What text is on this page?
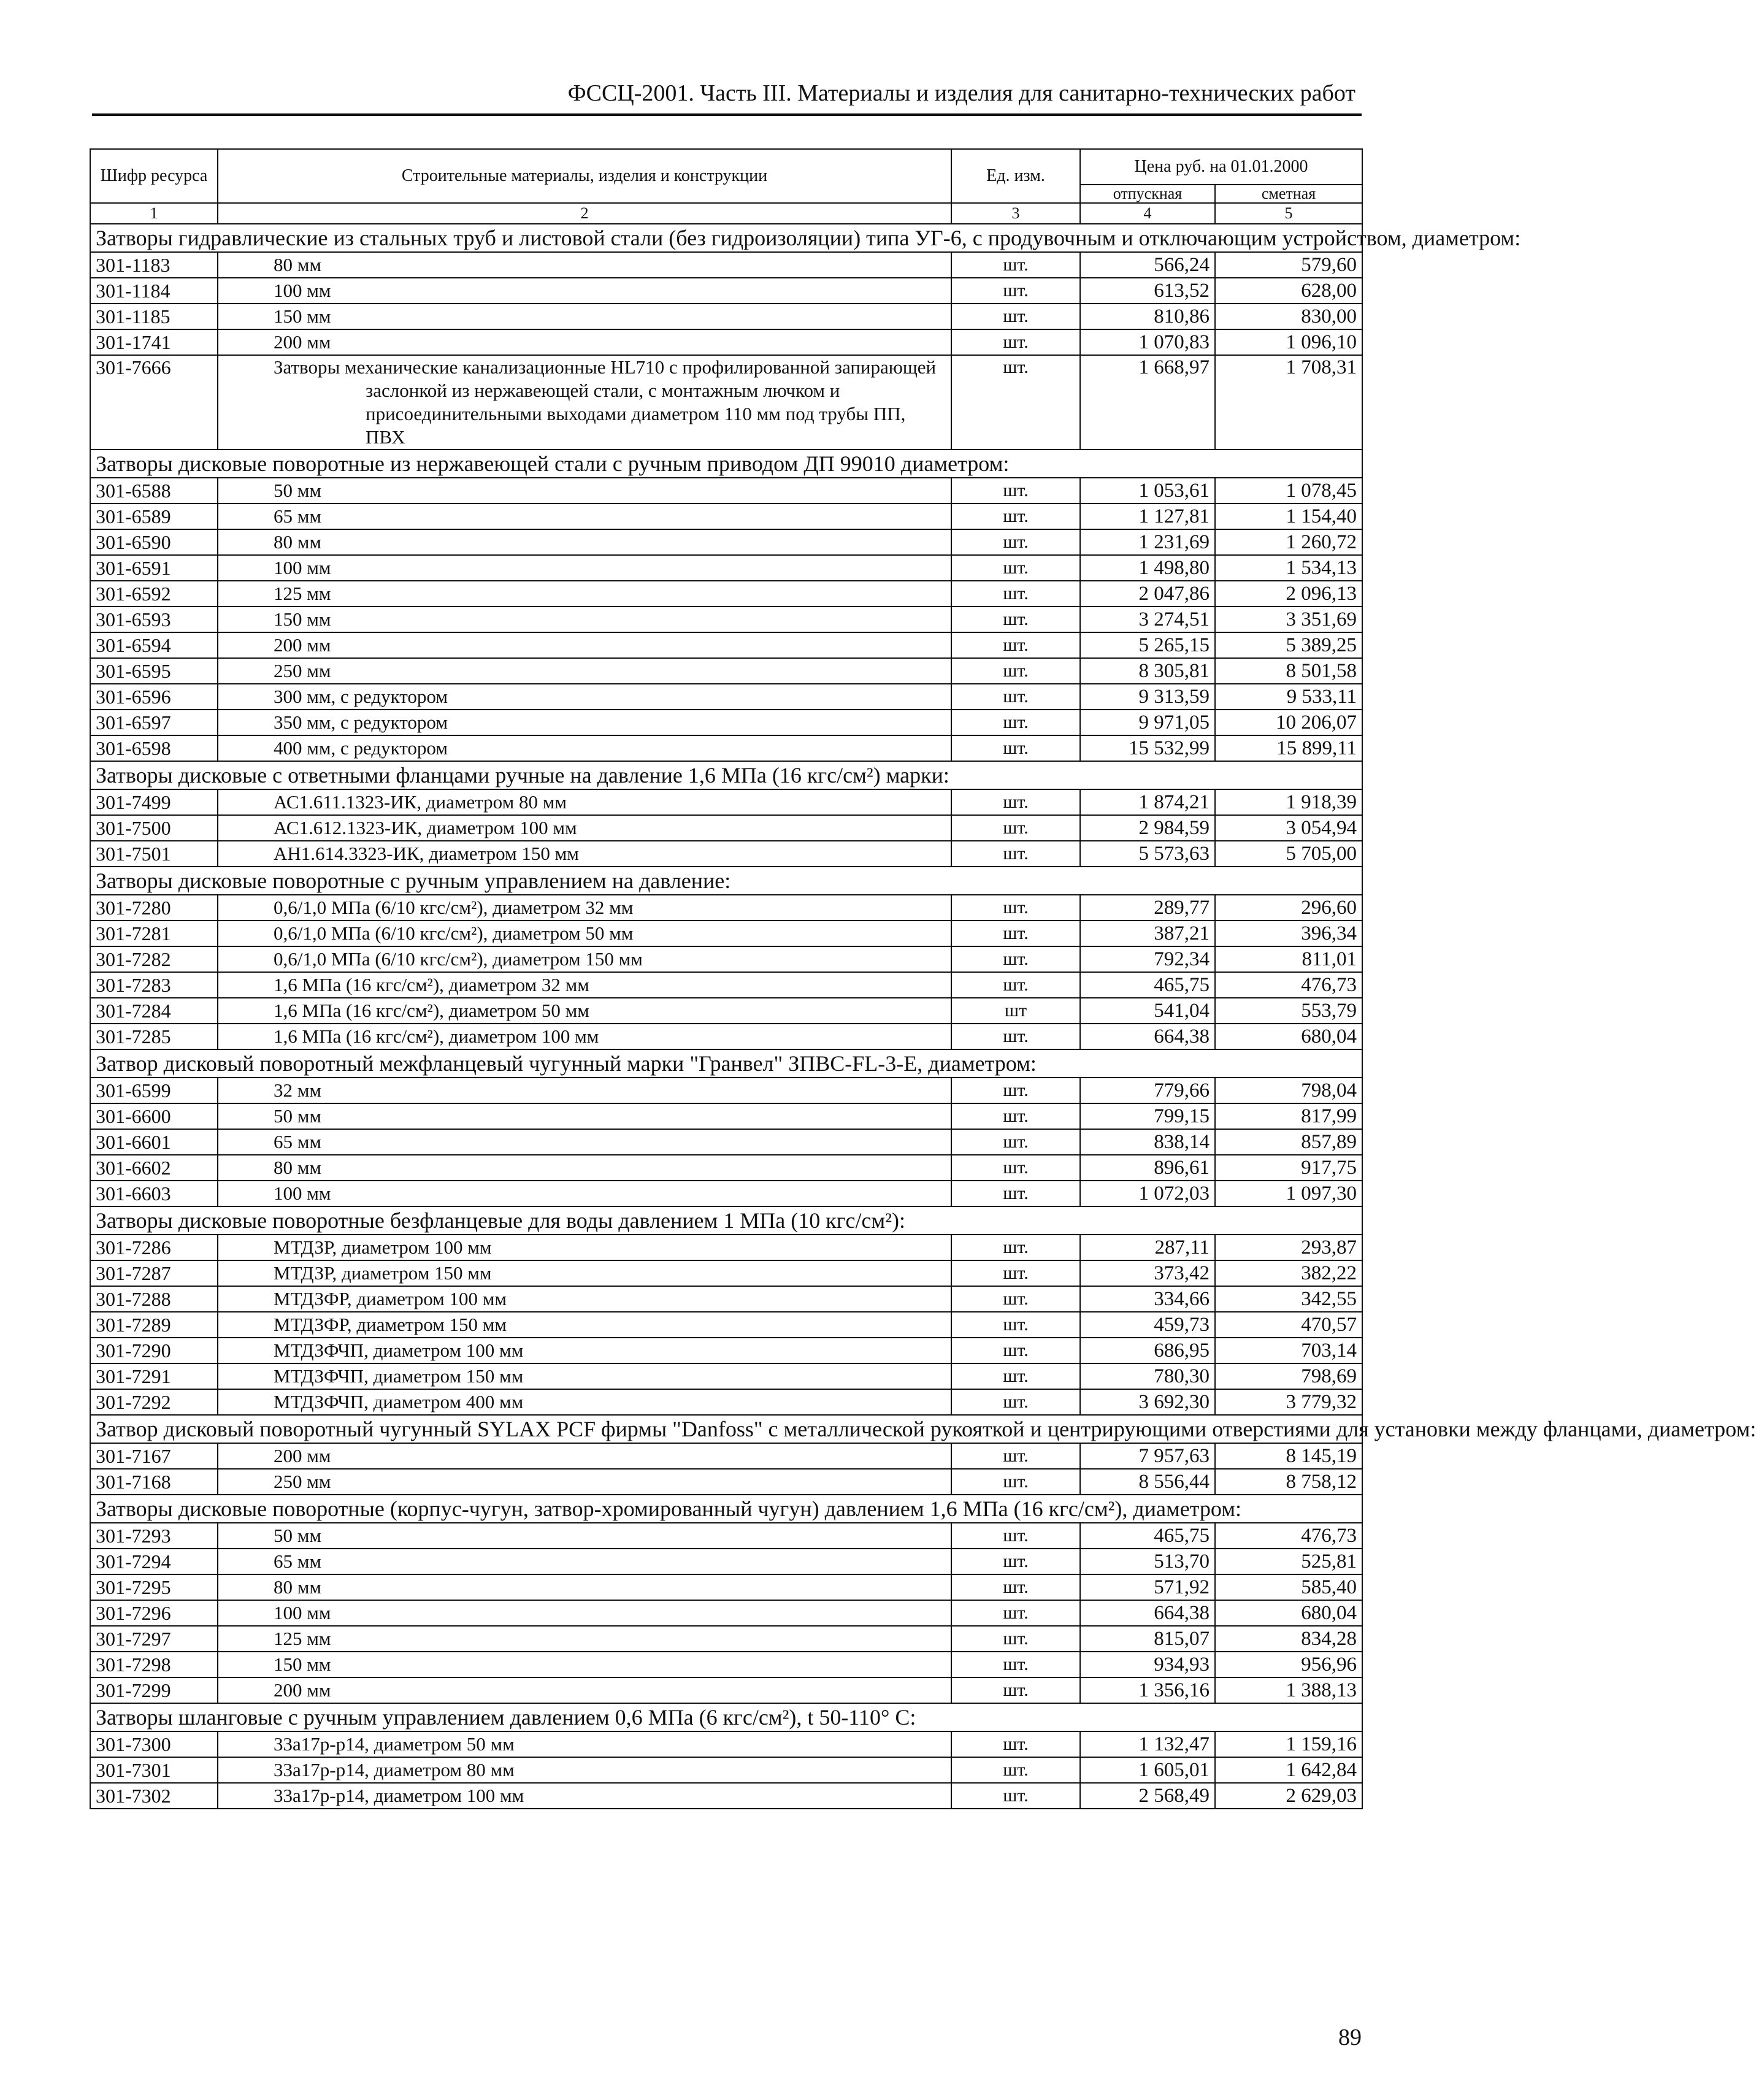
ФССЦ-2001. Часть III. Материалы и изделия для санитарно-технических работ
Шифр ресурса	Строительные материалы, изделия и конструкции	Ед. изм.	Цена руб. на 01.01.2000	
			отпускная	сметная
1	2	3	4	5
Затворы гидравлические из стальных труб и листовой стали (без гидроизоляции) типа УГ-6, с продувочным и отключающим устройством, диаметром:				
301-1183	80 мм	шт.	566,24	579,60
301-1184	100 мм	шт.	613,52	628,00
301-1185	150 мм	шт.	810,86	830,00
301-1741	200 мм	шт.	1 070,83	1 096,10
301-7666	Затворы механические канализационные HL710 с профилированной запирающей заслонкой из нержавеющей стали, с монтажным лючком и присоединительными выходами диаметром 110 мм под трубы ПП, ПВХ	шт.	1 668,97	1 708,31
Затворы дисковые поворотные из нержавеющей стали с ручным приводом ДП 99010 диаметром:				
301-6588	50 мм	шт.	1 053,61	1 078,45
301-6589	65 мм	шт.	1 127,81	1 154,40
301-6590	80 мм	шт.	1 231,69	1 260,72
301-6591	100 мм	шт.	1 498,80	1 534,13
301-6592	125 мм	шт.	2 047,86	2 096,13
301-6593	150 мм	шт.	3 274,51	3 351,69
301-6594	200 мм	шт.	5 265,15	5 389,25
301-6595	250 мм	шт.	8 305,81	8 501,58
301-6596	300 мм, с редуктором	шт.	9 313,59	9 533,11
301-6597	350 мм, с редуктором	шт.	9 971,05	10 206,07
301-6598	400 мм, с редуктором	шт.	15 532,99	15 899,11
Затворы дисковые с ответными фланцами ручные на давление 1,6 МПа (16 кгс/см²) марки:				
301-7499	АС1.611.1323-ИК, диаметром 80 мм	шт.	1 874,21	1 918,39
301-7500	АС1.612.1323-ИК, диаметром 100 мм	шт.	2 984,59	3 054,94
301-7501	АН1.614.3323-ИК, диаметром 150 мм	шт.	5 573,63	5 705,00
Затворы дисковые поворотные с ручным управлением на давление:				
301-7280	0,6/1,0 МПа (6/10 кгс/см²), диаметром 32 мм	шт.	289,77	296,60
301-7281	0,6/1,0 МПа (6/10 кгс/см²), диаметром 50 мм	шт.	387,21	396,34
301-7282	0,6/1,0 МПа (6/10 кгс/см²), диаметром 150 мм	шт.	792,34	811,01
301-7283	1,6 МПа (16 кгс/см²), диаметром 32 мм	шт.	465,75	476,73
301-7284	1,6 МПа (16 кгс/см²), диаметром 50 мм	шт	541,04	553,79
301-7285	1,6 МПа (16 кгс/см²), диаметром 100 мм	шт.	664,38	680,04
Затвор дисковый поворотный межфланцевый чугунный марки "Гранвел" ЗПВС-FL-3-Е, диаметром:				
301-6599	32 мм	шт.	779,66	798,04
301-6600	50 мм	шт.	799,15	817,99
301-6601	65 мм	шт.	838,14	857,89
301-6602	80 мм	шт.	896,61	917,75
301-6603	100 мм	шт.	1 072,03	1 097,30
Затворы дисковые поворотные безфланцевые для воды давлением 1 МПа (10 кгс/см²):				
301-7286	МТДЗР, диаметром 100 мм	шт.	287,11	293,87
301-7287	МТДЗР, диаметром 150 мм	шт.	373,42	382,22
301-7288	МТДЗФР, диаметром 100 мм	шт.	334,66	342,55
301-7289	МТДЗФР, диаметром 150 мм	шт.	459,73	470,57
301-7290	МТДЗФЧП, диаметром 100 мм	шт.	686,95	703,14
301-7291	МТДЗФЧП, диаметром 150 мм	шт.	780,30	798,69
301-7292	МТДЗФЧП, диаметром 400 мм	шт.	3 692,30	3 779,32
Затвор дисковый поворотный чугунный SYLAX PCF фирмы "Danfoss" с металлической рукояткой и центрирующими отверстиями для установки между фланцами, диаметром:				
301-7167	200 мм	шт.	7 957,63	8 145,19
301-7168	250 мм	шт.	8 556,44	8 758,12
Затворы дисковые поворотные (корпус-чугун, затвор-хромированный чугун) давлением 1,6 МПа (16 кгс/см²), диаметром:				
301-7293	50 мм	шт.	465,75	476,73
301-7294	65 мм	шт.	513,70	525,81
301-7295	80 мм	шт.	571,92	585,40
301-7296	100 мм	шт.	664,38	680,04
301-7297	125 мм	шт.	815,07	834,28
301-7298	150 мм	шт.	934,93	956,96
301-7299	200 мм	шт.	1 356,16	1 388,13
Затворы шланговые с ручным управлением давлением 0,6 МПа (6 кгс/см²), t 50-110° С:				
301-7300	33а17р-р14, диаметром 50 мм	шт.	1 132,47	1 159,16
301-7301	33а17р-р14, диаметром 80 мм	шт.	1 605,01	1 642,84
301-7302	33а17р-р14, диаметром 100 мм	шт.	2 568,49	2 629,03
89
